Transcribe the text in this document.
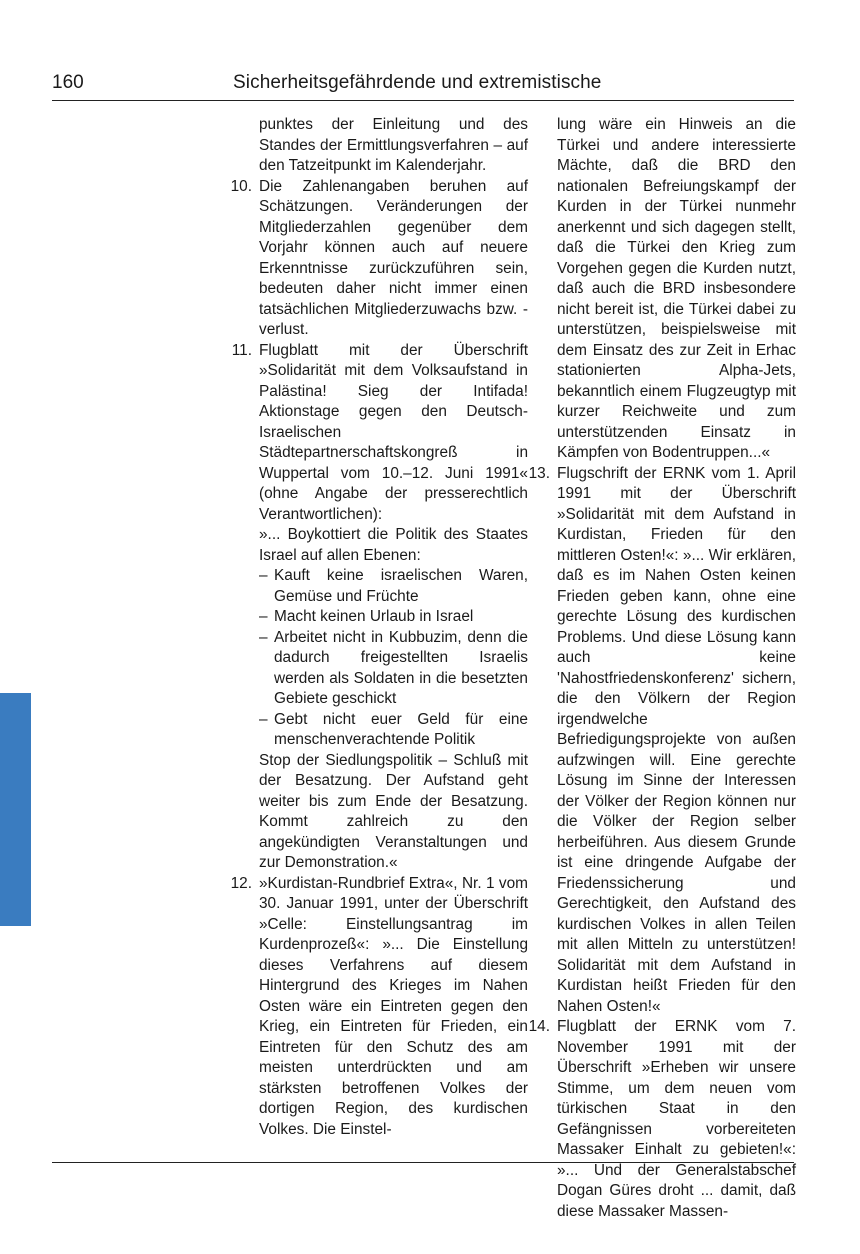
160	Sicherheitsgefährdende und extremistische

punktes der Einleitung und des Standes der Ermittlungsverfahren – auf den Tatzeitpunkt im Kalenderjahr.

10. Die Zahlenangaben beruhen auf Schätzungen. Veränderungen der Mitgliederzahlen gegenüber dem Vorjahr können auch auf neuere Erkenntnisse zurückzuführen sein, bedeuten daher nicht immer einen tatsächlichen Mitgliederzuwachs bzw. -verlust.

11. Flugblatt mit der Überschrift »Solidarität mit dem Volksaufstand in Palästina! Sieg der Intifada! Aktionstage gegen den Deutsch-Israelischen Städtepartnerschaftskongreß in Wuppertal vom 10.–12. Juni 1991« (ohne Angabe der presserechtlich Verantwortlichen):

»... Boykottiert die Politik des Staates Israel auf allen Ebenen:

– Kauft keine israelischen Waren, Gemüse und Früchte
– Macht keinen Urlaub in Israel
– Arbeitet nicht in Kubbuzim, denn die dadurch freigestellten Israelis werden als Soldaten in die besetzten Gebiete geschickt
– Gebt nicht euer Geld für eine menschenverachtende Politik

Stop der Siedlungspolitik – Schluß mit der Besatzung. Der Aufstand geht weiter bis zum Ende der Besatzung. Kommt zahlreich zu den angekündigten Veranstaltungen und zur Demonstration.«

12. »Kurdistan-Rundbrief Extra«, Nr. 1 vom 30. Januar 1991, unter der Überschrift »Celle: Einstellungsantrag im Kurdenprozeß«: »... Die Einstellung dieses Verfahrens auf diesem Hintergrund des Krieges im Nahen Osten wäre ein Eintreten gegen den Krieg, ein Eintreten für Frieden, ein Eintreten für den Schutz des am meisten unterdrückten und am stärksten betroffenen Volkes der dortigen Region, des kurdischen Volkes. Die Einstel-

lung wäre ein Hinweis an die Türkei und andere interessierte Mächte, daß die BRD den nationalen Befreiungskampf der Kurden in der Türkei nunmehr anerkennt und sich dagegen stellt, daß die Türkei den Krieg zum Vorgehen gegen die Kurden nutzt, daß auch die BRD insbesondere nicht bereit ist, die Türkei dabei zu unterstützen, beispielsweise mit dem Einsatz des zur Zeit in Erhac stationierten Alpha-Jets, bekanntlich einem Flugzeugtyp mit kurzer Reichweite und zum unterstützenden Einsatz in Kämpfen von Bodentruppen...«

13. Flugschrift der ERNK vom 1. April 1991 mit der Überschrift »Solidarität mit dem Aufstand in Kurdistan, Frieden für den mittleren Osten!«: »... Wir erklären, daß es im Nahen Osten keinen Frieden geben kann, ohne eine gerechte Lösung des kurdischen Problems. Und diese Lösung kann auch keine 'Nahostfriedenskonferenz' sichern, die den Völkern der Region irgendwelche Befriedigungsprojekte von außen aufzwingen will. Eine gerechte Lösung im Sinne der Interessen der Völker der Region können nur die Völker der Region selber herbeiführen. Aus diesem Grunde ist eine dringende Aufgabe der Friedenssicherung und Gerechtigkeit, den Aufstand des kurdischen Volkes in allen Teilen mit allen Mitteln zu unterstützen! Solidarität mit dem Aufstand in Kurdistan heißt Frieden für den Nahen Osten!«

14. Flugblatt der ERNK vom 7. November 1991 mit der Überschrift »Erheben wir unsere Stimme, um dem neuen vom türkischen Staat in den Gefängnissen vorbereiteten Massaker Einhalt zu gebieten!«: »... Und der Generalstabschef Dogan Güres droht ... damit, daß diese Massaker Massen-
